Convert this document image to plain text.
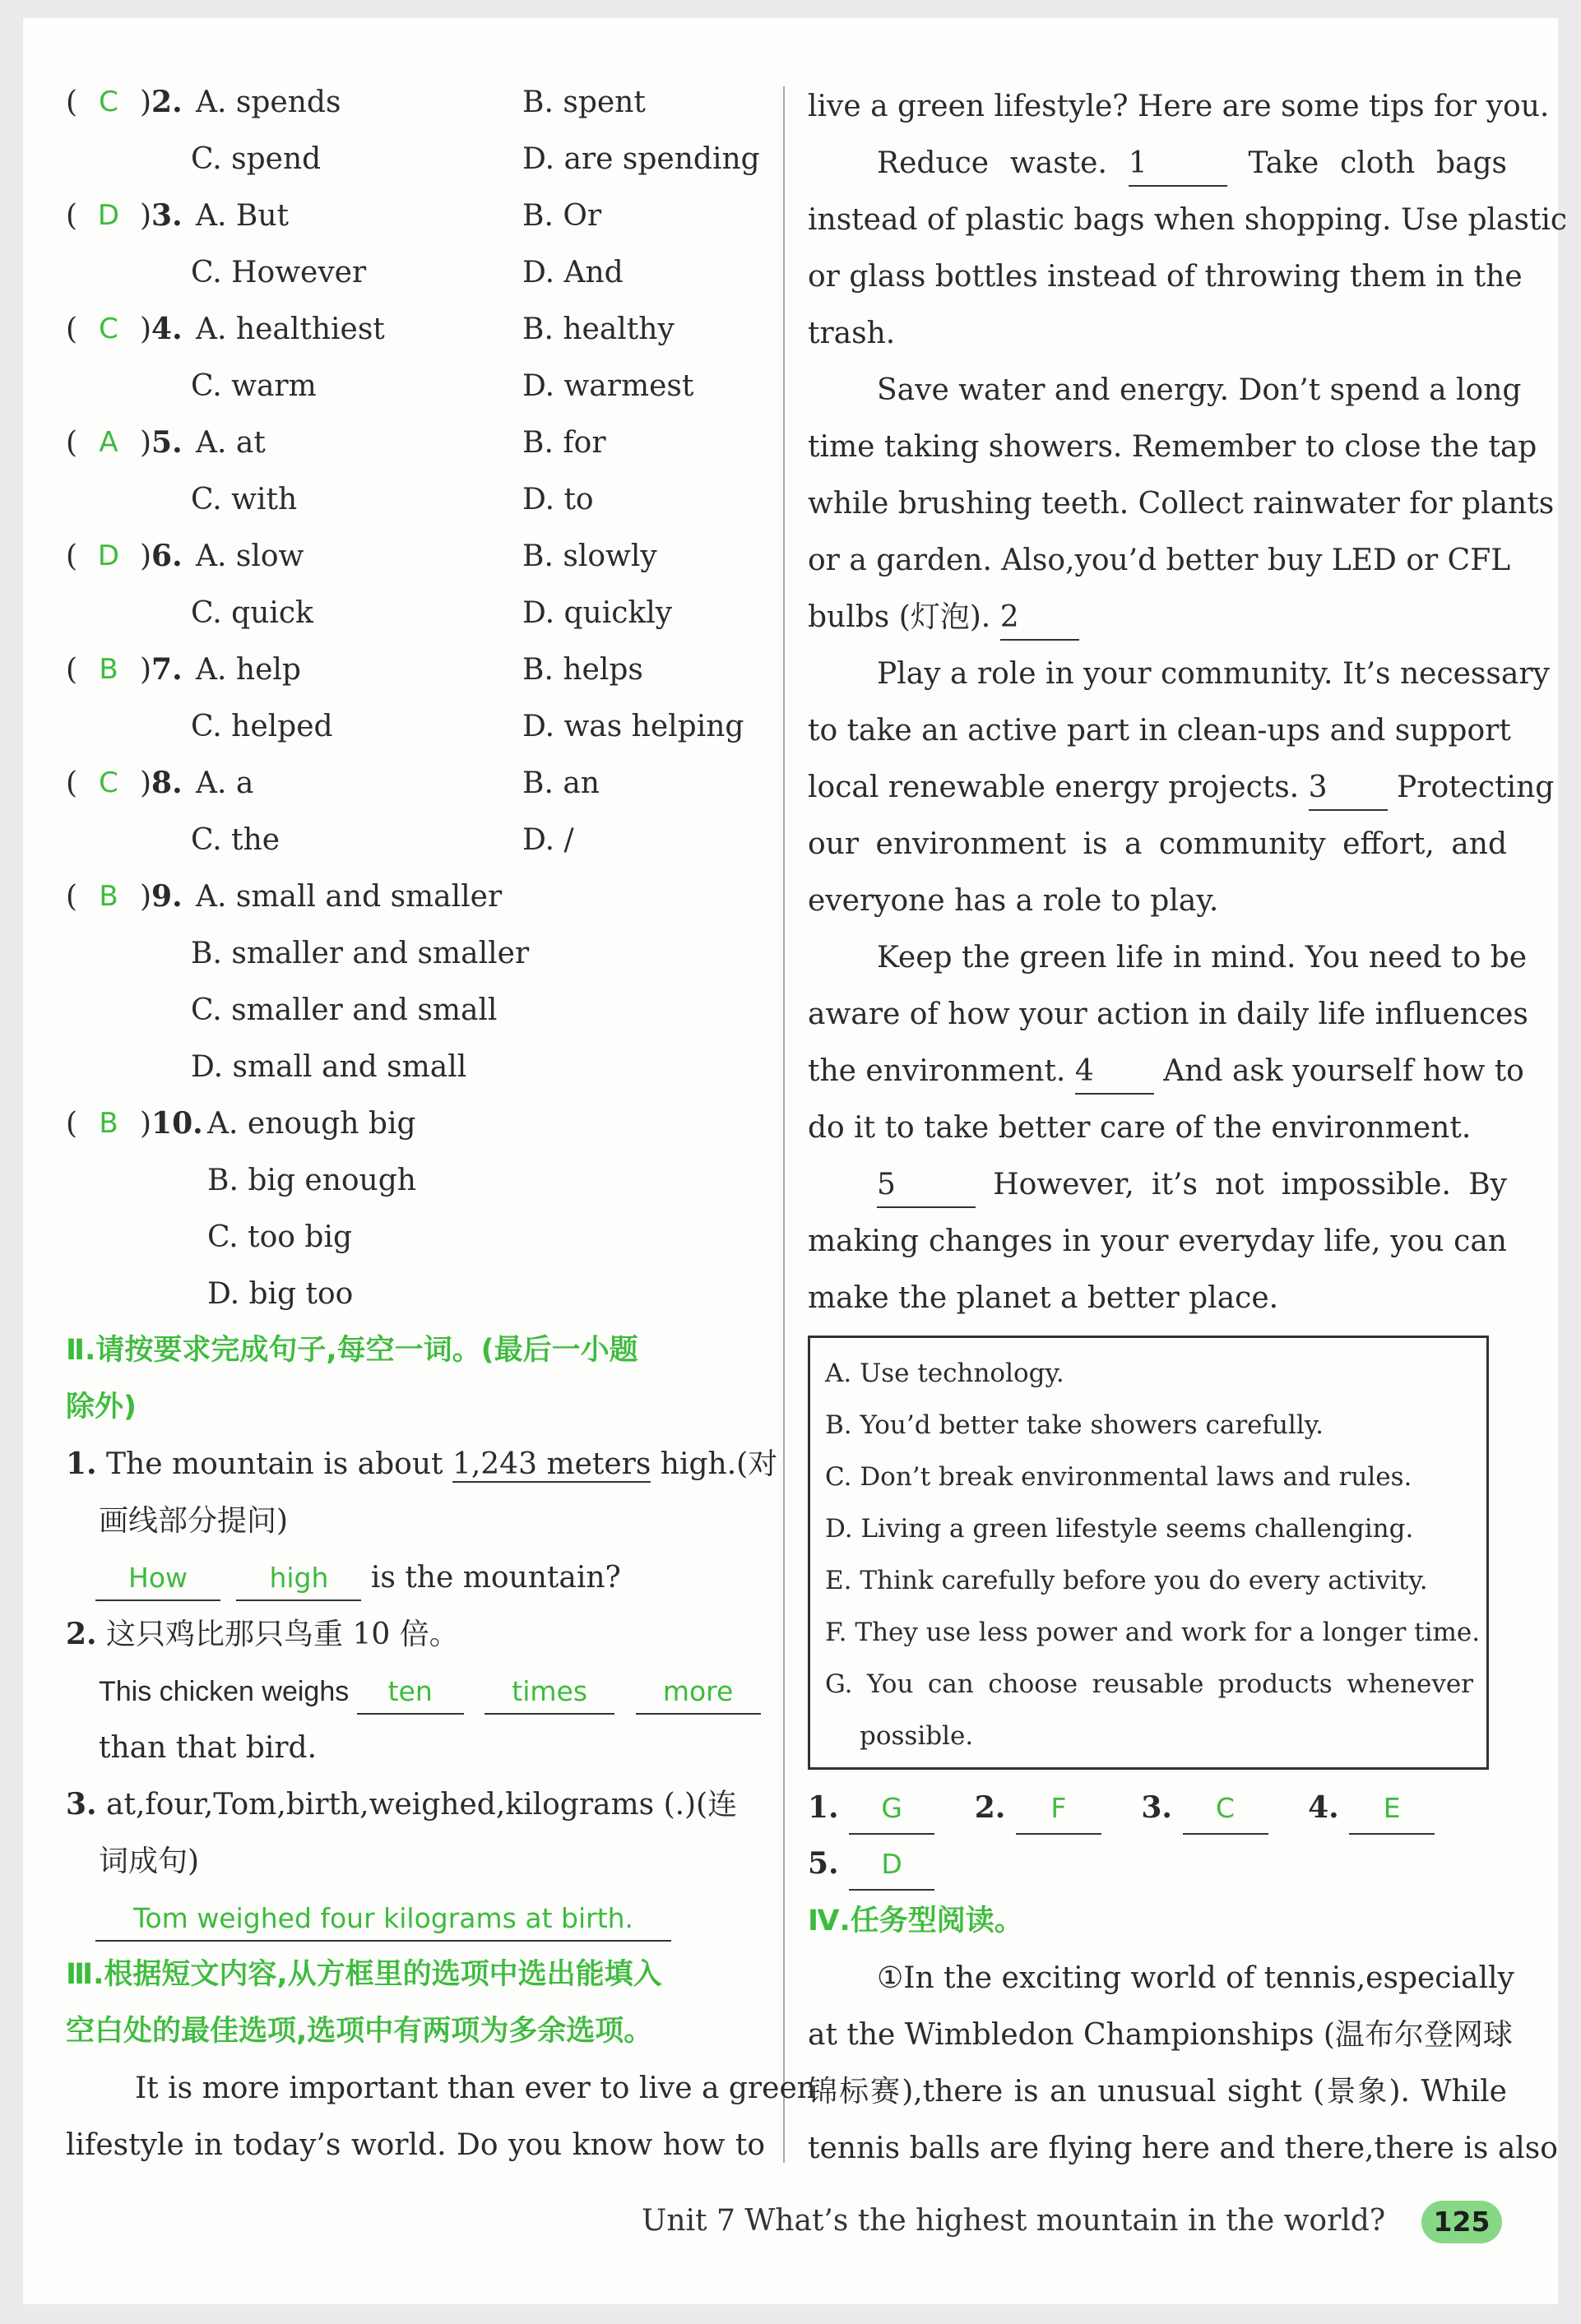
( C )2. A. spends	B. spent
C. spend	D. are spending
( D )3. A. But	B. Or
C. However	D. And
( C )4. A. healthiest	B. healthy
C. warm	D. warmest
( A )5. A. at	B. for
C. with	D. to
( D )6. A. slow	B. slowly
C. quick	D. quickly
( B )7. A. help	B. helps
C. helped	D. was helping
( C )8. A. a	B. an
C. the	D. /
( B )9. A. small and smaller
B. smaller and smaller
C. smaller and small
D. small and small
( B )10. A. enough big
B. big enough
C. too big
D. big too
Ⅱ.请按要求完成句子,每空一词。(最后一小题
除外)
1. The mountain is about 1,243 meters high.(对
画线部分提问)
How	high is the mountain?
2. 这只鸡比那只鸟重 10 倍。
This chicken weighs ten	times	more
than that bird.
3. at,four,Tom,birth,weighed,kilograms (.)(连
词成句)
Tom weighed four kilograms at birth.
Ⅲ.根据短文内容,从方框里的选项中选出能填入
空白处的最佳选项,选项中有两项为多余选项。
It is more important than ever to live a green
lifestyle in today’s world. Do you know how to
live a green lifestyle? Here are some tips for you.
Reduce waste. 1	Take cloth bags
instead of plastic bags when shopping. Use plastic
or glass bottles instead of throwing them in the
trash.
Save water and energy. Don’t spend a long
time taking showers. Remember to close the tap
while brushing teeth. Collect rainwater for plants
or a garden. Also,you’d better buy LED or CFL
bulbs (灯泡). 2
Play a role in your community. It’s necessary
to take an active part in clean-ups and support
local renewable energy projects. 3 Protecting
our environment is a community effort, and
everyone has a role to play.
Keep the green life in mind. You need to be
aware of how your action in daily life influences
the environment. 4 And ask yourself how to
do it to take better care of the environment.
5	However, it’s not impossible. By
making changes in your everyday life, you can
make the planet a better place.
A. Use technology.
B. You’d better take showers carefully.
C. Don’t break environmental laws and rules.
D. Living a green lifestyle seems challenging.
E. Think carefully before you do every activity.
F. They use less power and work for a longer time.
G. You can choose reusable products whenever
possible.
1. G 2. F	3. C 4. E
5. D
Ⅳ.任务型阅读。
①In the exciting world of tennis,especially
at the Wimbledon Championships (温布尔登网球
锦标赛),there is an unusual sight (景象). While
tennis balls are flying here and there,there is also
Unit 7 What’s the highest mountain in the world?	125
